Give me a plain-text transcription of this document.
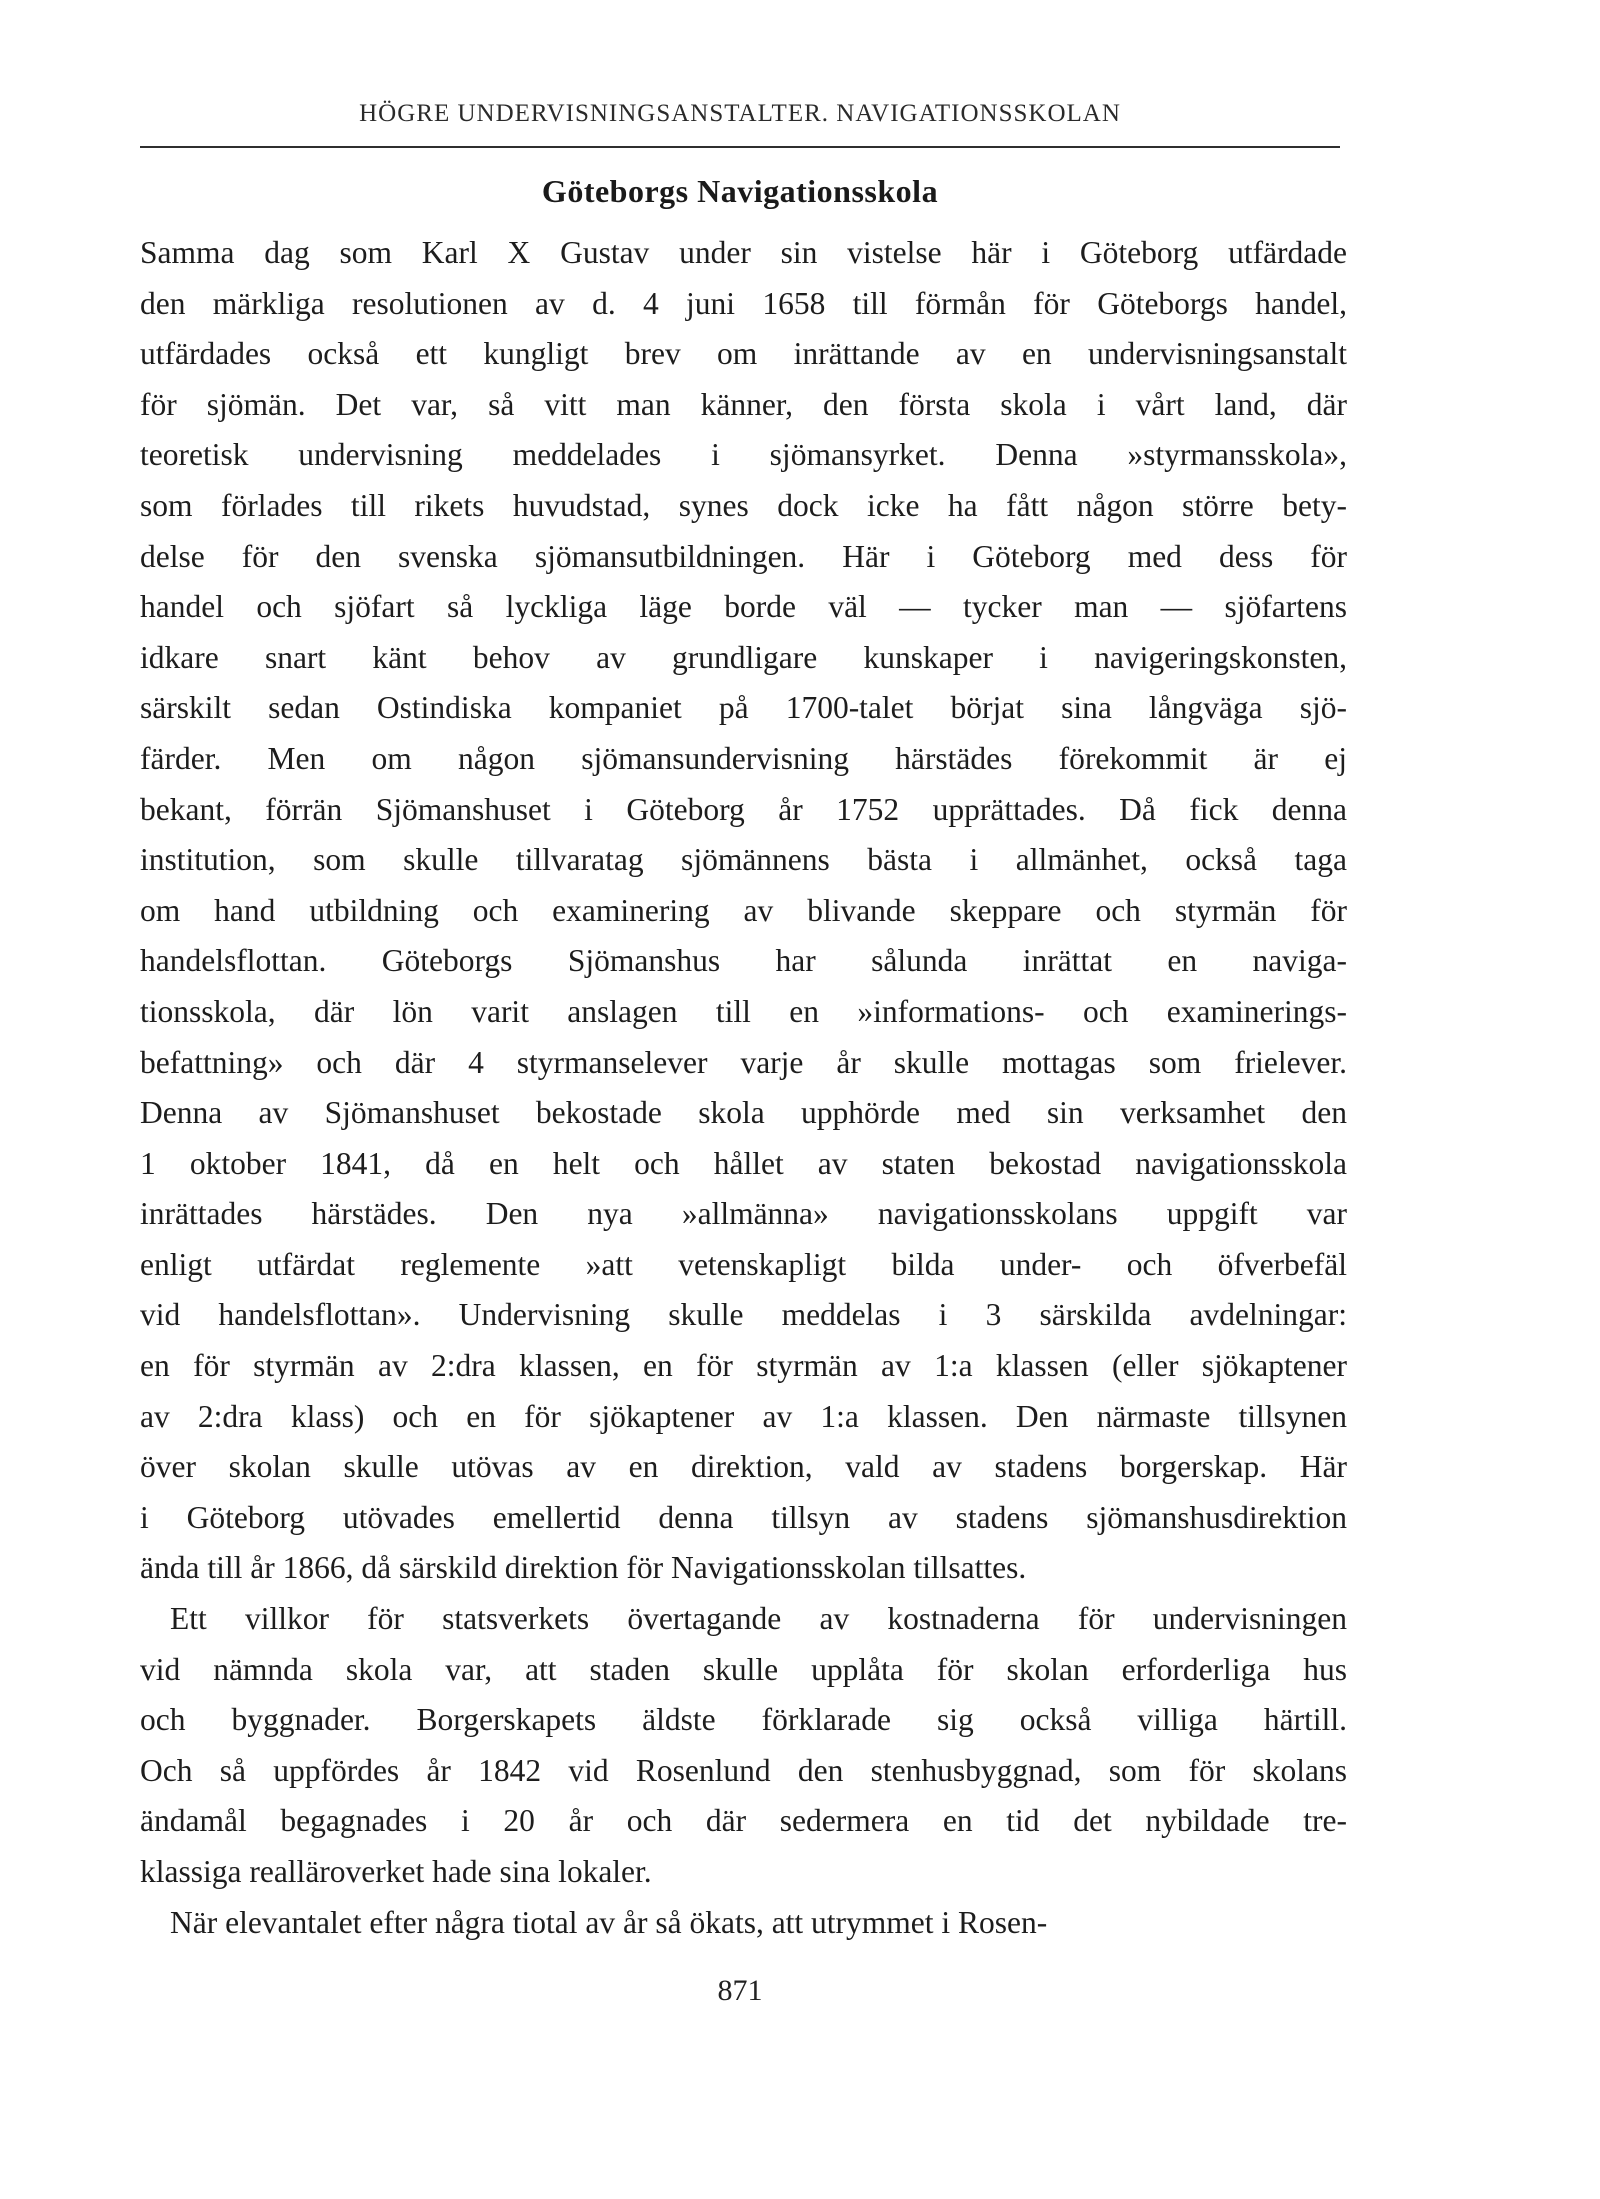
HÖGRE UNDERVISNINGSANSTALTER. NAVIGATIONSSKOLAN
Göteborgs Navigationsskola
Samma dag som Karl X Gustav under sin vistelse här i Göteborg utfärdade
den märkliga resolutionen av d. 4 juni 1658 till förmån för Göteborgs handel,
utfärdades också ett kungligt brev om inrättande av en undervisningsanstalt
för sjömän. Det var, så vitt man känner, den första skola i vårt land, där
teoretisk undervisning meddelades i sjömansyrket. Denna »styrmansskola»,
som förlades till rikets huvudstad, synes dock icke ha fått någon större bety-
delse för den svenska sjömansutbildningen. Här i Göteborg med dess för
handel och sjöfart så lyckliga läge borde väl — tycker man — sjöfartens
idkare snart känt behov av grundligare kunskaper i navigeringskonsten,
särskilt sedan Ostindiska kompaniet på 1700-talet börjat sina långväga sjö-
färder. Men om någon sjömansundervisning härstädes förekommit är ej
bekant, förrän Sjömanshuset i Göteborg år 1752 upprättades. Då fick denna
institution, som skulle tillvaratag sjömännens bästa i allmänhet, också taga
om hand utbildning och examinering av blivande skeppare och styrmän för
handelsflottan. Göteborgs Sjömanshus har sålunda inrättat en naviga-
tionsskola, där lön varit anslagen till en »informations- och examinerings-
befattning» och där 4 styrmanselever varje år skulle mottagas som frielever.
Denna av Sjömanshuset bekostade skola upphörde med sin verksamhet den
1 oktober 1841, då en helt och hållet av staten bekostad navigationsskola
inrättades härstädes. Den nya »allmänna» navigationsskolans uppgift var
enligt utfärdat reglemente »att vetenskapligt bilda under- och öfverbefäl
vid handelsflottan». Undervisning skulle meddelas i 3 särskilda avdelningar:
en för styrmän av 2:dra klassen, en för styrmän av 1:a klassen (eller sjökaptener
av 2:dra klass) och en för sjökaptener av 1:a klassen. Den närmaste tillsynen
över skolan skulle utövas av en direktion, vald av stadens borgerskap. Här
i Göteborg utövades emellertid denna tillsyn av stadens sjömanshusdirektion
ända till år 1866, då särskild direktion för Navigationsskolan tillsattes.
Ett villkor för statsverkets övertagande av kostnaderna för undervisningen
vid nämnda skola var, att staden skulle upplåta för skolan erforderliga hus
och byggnader. Borgerskapets äldste förklarade sig också villiga härtill.
Och så uppfördes år 1842 vid Rosenlund den stenhusbyggnad, som för skolans
ändamål begagnades i 20 år och där sedermera en tid det nybildade tre-
klassiga realläroverket hade sina lokaler.
När elevantalet efter några tiotal av år så ökats, att utrymmet i Rosen-
871
